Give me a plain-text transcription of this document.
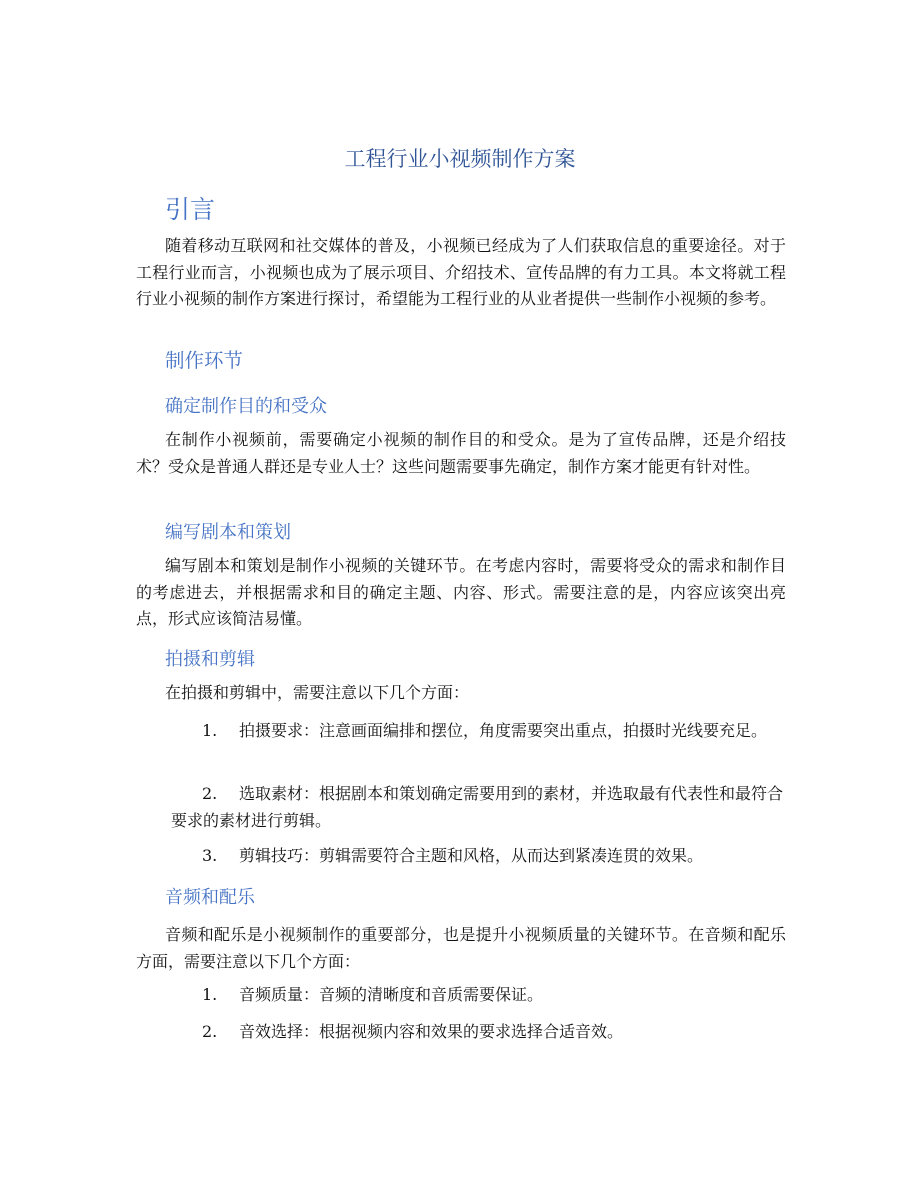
工程行业小视频制作方案
引言
随着移动互联网和社交媒体的普及，小视频已经成为了人们获取信息的重要途径。对于工程行业而言，小视频也成为了展示项目、介绍技术、宣传品牌的有力工具。本文将就工程行业小视频的制作方案进行探讨，希望能为工程行业的从业者提供一些制作小视频的参考。
制作环节
确定制作目的和受众
在制作小视频前，需要确定小视频的制作目的和受众。是为了宣传品牌，还是介绍技术？受众是普通人群还是专业人士？这些问题需要事先确定，制作方案才能更有针对性。
编写剧本和策划
编写剧本和策划是制作小视频的关键环节。在考虑内容时，需要将受众的需求和制作目的考虑进去，并根据需求和目的确定主题、内容、形式。需要注意的是，内容应该突出亮点，形式应该简洁易懂。
拍摄和剪辑
在拍摄和剪辑中，需要注意以下几个方面：
1. 拍摄要求：注意画面编排和摆位，角度需要突出重点，拍摄时光线要充足。
2. 选取素材：根据剧本和策划确定需要用到的素材，并选取最有代表性和最符合要求的素材进行剪辑。
3. 剪辑技巧：剪辑需要符合主题和风格，从而达到紧凑连贯的效果。
音频和配乐
音频和配乐是小视频制作的重要部分，也是提升小视频质量的关键环节。在音频和配乐方面，需要注意以下几个方面：
1. 音频质量：音频的清晰度和音质需要保证。
2. 音效选择：根据视频内容和效果的要求选择合适音效。
